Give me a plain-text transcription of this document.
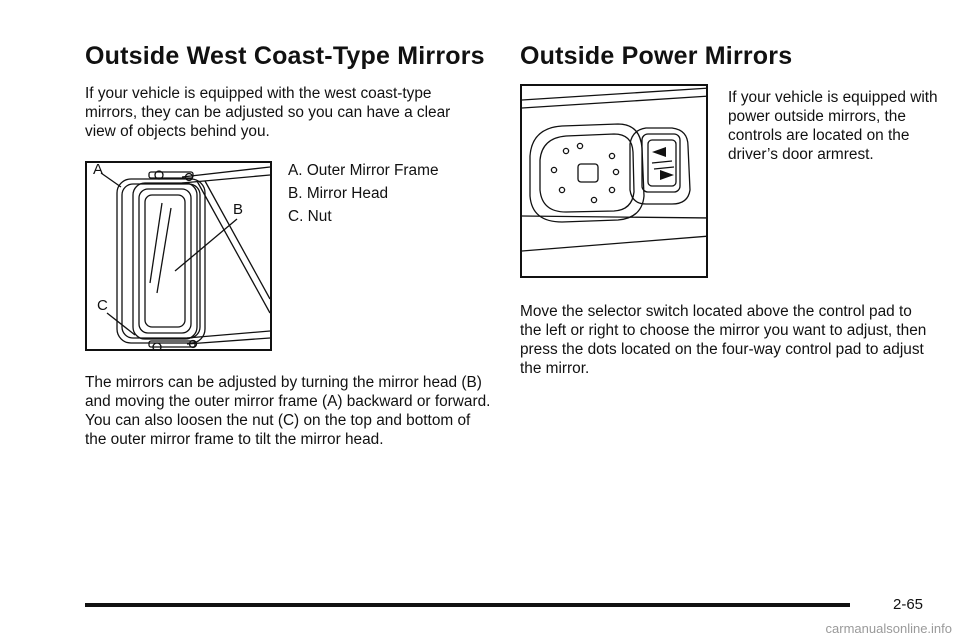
Outside West Coast-Type Mirrors

If your vehicle is equipped with the west coast-type mirrors, they can be adjusted so you can have a clear view of objects behind you.

A
B
C
A. Outer Mirror Frame
B. Mirror Head
C. Nut

The mirrors can be adjusted by turning the mirror head (B) and moving the outer mirror frame (A) backward or forward. You can also loosen the nut (C) on the top and bottom of the outer mirror frame to tilt the mirror head.

Outside Power Mirrors

If your vehicle is equipped with power outside mirrors, the controls are located on the driver’s door armrest.

Move the selector switch located above the control pad to the left or right to choose the mirror you want to adjust, then press the dots located on the four-way control pad to adjust the mirror.

2-65
carmanualsonline.info
